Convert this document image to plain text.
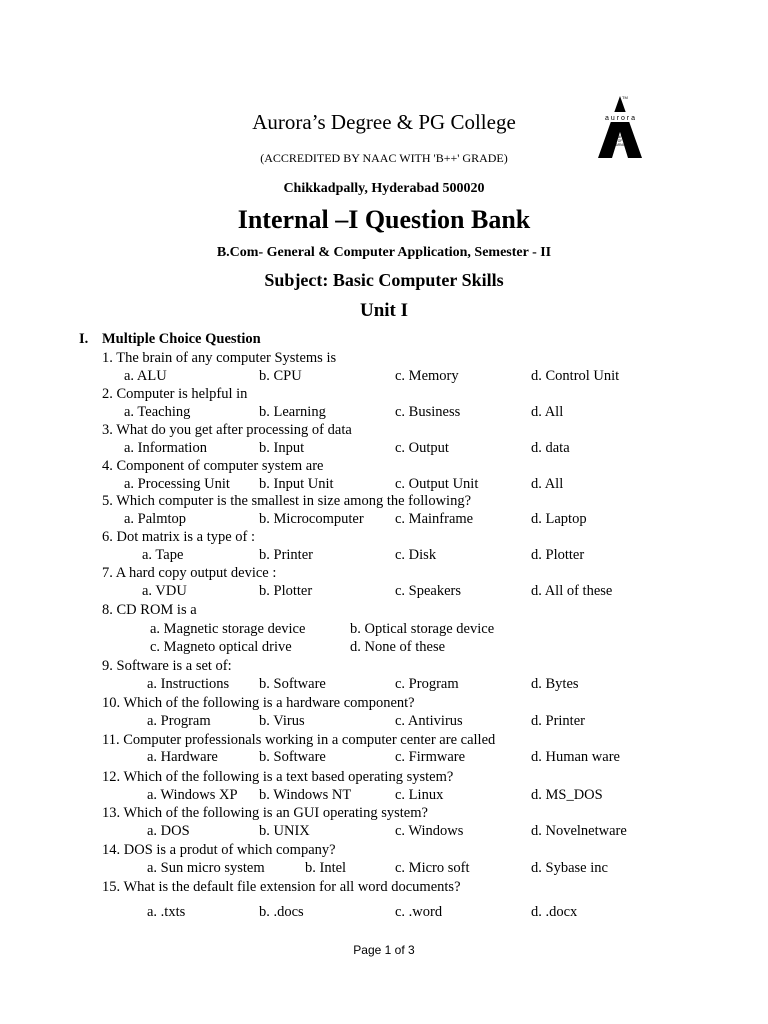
Aurora’s Degree & PG College
(ACCREDITED BY NAAC WITH 'B++' GRADE)
Chikkadpally, Hyderabad 500020
Internal –I Question Bank
B.Com- General & Computer Application, Semester - II
Subject: Basic Computer Skills
Unit I
TM
a u r o r a
TEMPLE
OF
LEARNING
I. Multiple Choice Question
1. The brain of any computer Systems is
a. ALU	b. CPU	c. Memory	d. Control Unit
2. Computer is helpful in
a. Teaching	b. Learning	c. Business	d. All
3. What do you get after processing of data
a. Information	b. Input	c. Output	d. data
4. Component of computer system are
a. Processing Unit b. Input Unit	c. Output Unit	d. All
5. Which computer is the smallest in size among the following?
a. Palmtop	b. Microcomputer c. Mainframe	d. Laptop
6. Dot matrix is a type of :
a. Tape	b. Printer	c. Disk	d. Plotter
7. A hard copy output device :
a. VDU	b. Plotter	c. Speakers	d. All of these
8. CD ROM is a
a. Magnetic storage device	b. Optical storage device
c. Magneto optical drive	d. None of these
9. Software is a set of:
a. Instructions b. Software	c. Program	d. Bytes
10. Which of the following is a hardware component?
a. Program	b. Virus	c. Antivirus	d. Printer
11. Computer professionals working in a computer center are called
a. Hardware	b. Software	c. Firmware	d. Human ware
12. Which of the following is a text based operating system?
a. Windows XP b. Windows NT	c. Linux	d. MS_DOS
13. Which of the following is an GUI operating system?
a. DOS	b. UNIX	c. Windows	d. Novelnetware
14. DOS is a produt of which company?
a. Sun micro system	b. Intel	c. Micro soft	d. Sybase inc
15. What is the default file extension for all word documents?
a. .txts	b. .docs	c. .word	d. .docx
Page 1 of 3
